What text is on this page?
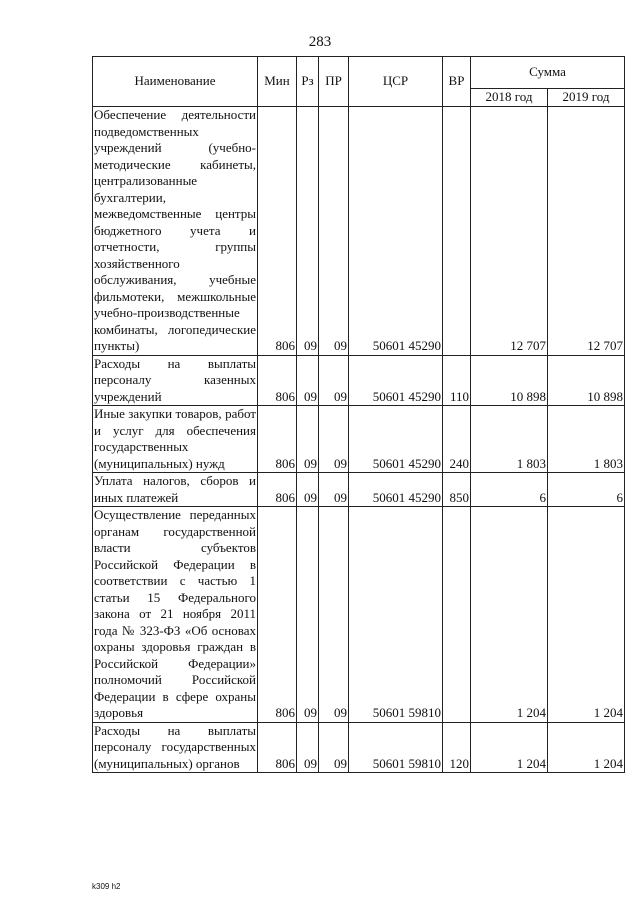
283
Наименование	Мин	Рз	ПР	ЦСР	ВР	Сумма	
						2018 год	2019 год
Обеспечение деятельности подведомственных учреждений (учебно-методические кабинеты, централизованные бухгалтерии, межведомственные центры бюджетного учета и отчетности, группы хозяйственного обслуживания, учебные фильмотеки, межшкольные учебно-производственные комбинаты, логопедические пункты)	806	09	09	50601 45290		12 707	12 707
Расходы на выплаты персоналу казенных учреждений	806	09	09	50601 45290	110	10 898	10 898
Иные закупки товаров, работ и услуг для обеспечения государственных (муниципальных) нужд	806	09	09	50601 45290	240	1 803	1 803
Уплата налогов, сборов и иных платежей	806	09	09	50601 45290	850	6	6
Осуществление переданных органам государственной власти субъектов Российской Федерации в соответствии с частью 1 статьи 15 Федерального закона от 21 ноября 2011 года № 323-ФЗ «Об основах охраны здоровья граждан в Российской Федерации» полномочий Российской Федерации в сфере охраны здоровья	806	09	09	50601 59810		1 204	1 204
Расходы на выплаты персоналу государственных (муниципальных) органов	806	09	09	50601 59810	120	1 204	1 204
k309 h2
